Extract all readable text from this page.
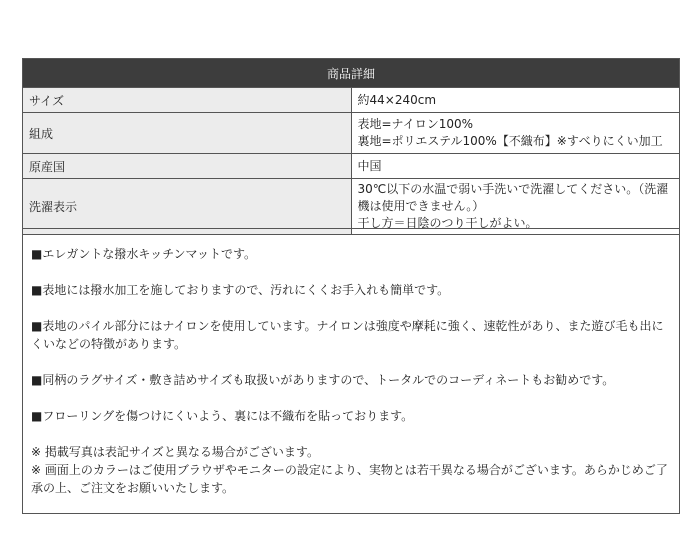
商品詳細	
サイズ	約44×240cm
組成	表地=ナイロン100%
裏地=ポリエステル100%【不織布】※すべりにくい加工

原産国	中国
洗濯表示	30℃以下の水温で弱い手洗いで洗濯してください。（洗濯機は使用できません。）
干し方＝日陰のつり干しがよい。

■エレガントな撥水キッチンマットです。

■表地には撥水加工を施しておりますので、汚れにくくお手入れも簡単です。

■表地のパイル部分にはナイロンを使用しています。ナイロンは強度や摩耗に強く、速乾性があり、また遊び毛も出にくいなどの特徴があります。

■同柄のラグサイズ・敷き詰めサイズも取扱いがありますので、トータルでのコーディネートもお勧めです。

■フローリングを傷つけにくいよう、裏には不織布を貼っております。

※ 掲載写真は表記サイズと異なる場合がございます。

※ 画面上のカラーはご使用ブラウザやモニターの設定により、実物とは若干異なる場合がございます。あらかじめご了承の上、ご注文をお願いいたします。
